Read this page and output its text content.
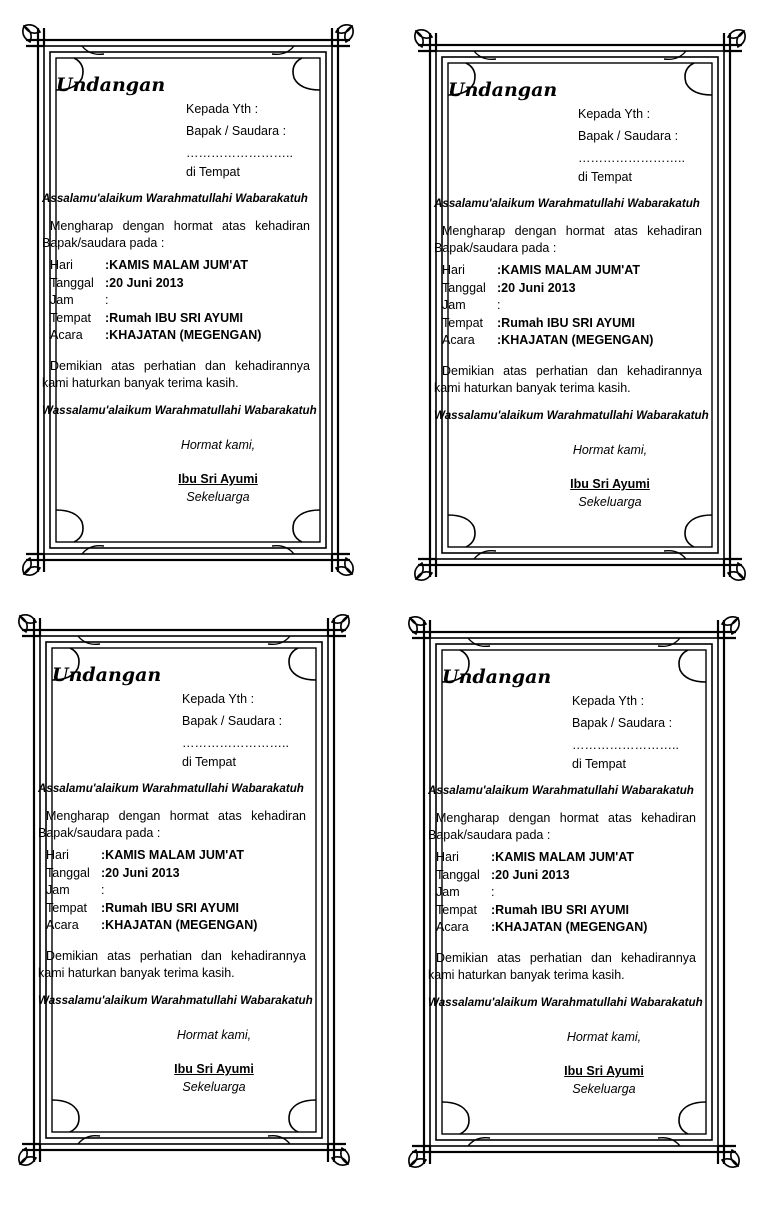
Undangan
Kepada Yth :
Bapak / Saudara :
……………………..
di Tempat
Assalamu'alaikum Warahmatullahi Wabarakatuh
Mengharap dengan hormat atas kehadiran
Bapak/saudara pada :
Hari	:KAMIS MALAM JUM'AT
Tanggal :20 Juni 2013
Jam	:
Tempat	:Rumah IBU SRI AYUMI
Acara	:KHAJATAN (MEGENGAN)
Demikian atas perhatian dan kehadirannya
kami haturkan banyak terima kasih.
Wassalamu'alaikum Warahmatullahi Wabarakatuh
Hormat kami,
Ibu Sri Ayumi
Sekeluarga
Undangan
Kepada Yth :
Bapak / Saudara :
……………………..
di Tempat
Assalamu'alaikum Warahmatullahi Wabarakatuh
Mengharap dengan hormat atas kehadiran
Bapak/saudara pada :
Hari	:KAMIS MALAM JUM'AT
Tanggal :20 Juni 2013
Jam	:
Tempat	:Rumah IBU SRI AYUMI
Acara	:KHAJATAN (MEGENGAN)
Demikian atas perhatian dan kehadirannya
kami haturkan banyak terima kasih.
Wassalamu'alaikum Warahmatullahi Wabarakatuh
Hormat kami,
Ibu Sri Ayumi
Sekeluarga
Undangan
Kepada Yth :
Bapak / Saudara :
……………………..
di Tempat
Assalamu'alaikum Warahmatullahi Wabarakatuh
Mengharap dengan hormat atas kehadiran
Bapak/saudara pada :
Hari	:KAMIS MALAM JUM'AT
Tanggal :20 Juni 2013
Jam	:
Tempat	:Rumah IBU SRI AYUMI
Acara	:KHAJATAN (MEGENGAN)
Demikian atas perhatian dan kehadirannya
kami haturkan banyak terima kasih.
Wassalamu'alaikum Warahmatullahi Wabarakatuh
Hormat kami,
Ibu Sri Ayumi
Sekeluarga
Undangan
Kepada Yth :
Bapak / Saudara :
……………………..
di Tempat
Assalamu'alaikum Warahmatullahi Wabarakatuh
Mengharap dengan hormat atas kehadiran
Bapak/saudara pada :
Hari	:KAMIS MALAM JUM'AT
Tanggal :20 Juni 2013
Jam	:
Tempat	:Rumah IBU SRI AYUMI
Acara	:KHAJATAN (MEGENGAN)
Demikian atas perhatian dan kehadirannya
kami haturkan banyak terima kasih.
Wassalamu'alaikum Warahmatullahi Wabarakatuh
Hormat kami,
Ibu Sri Ayumi
Sekeluarga
